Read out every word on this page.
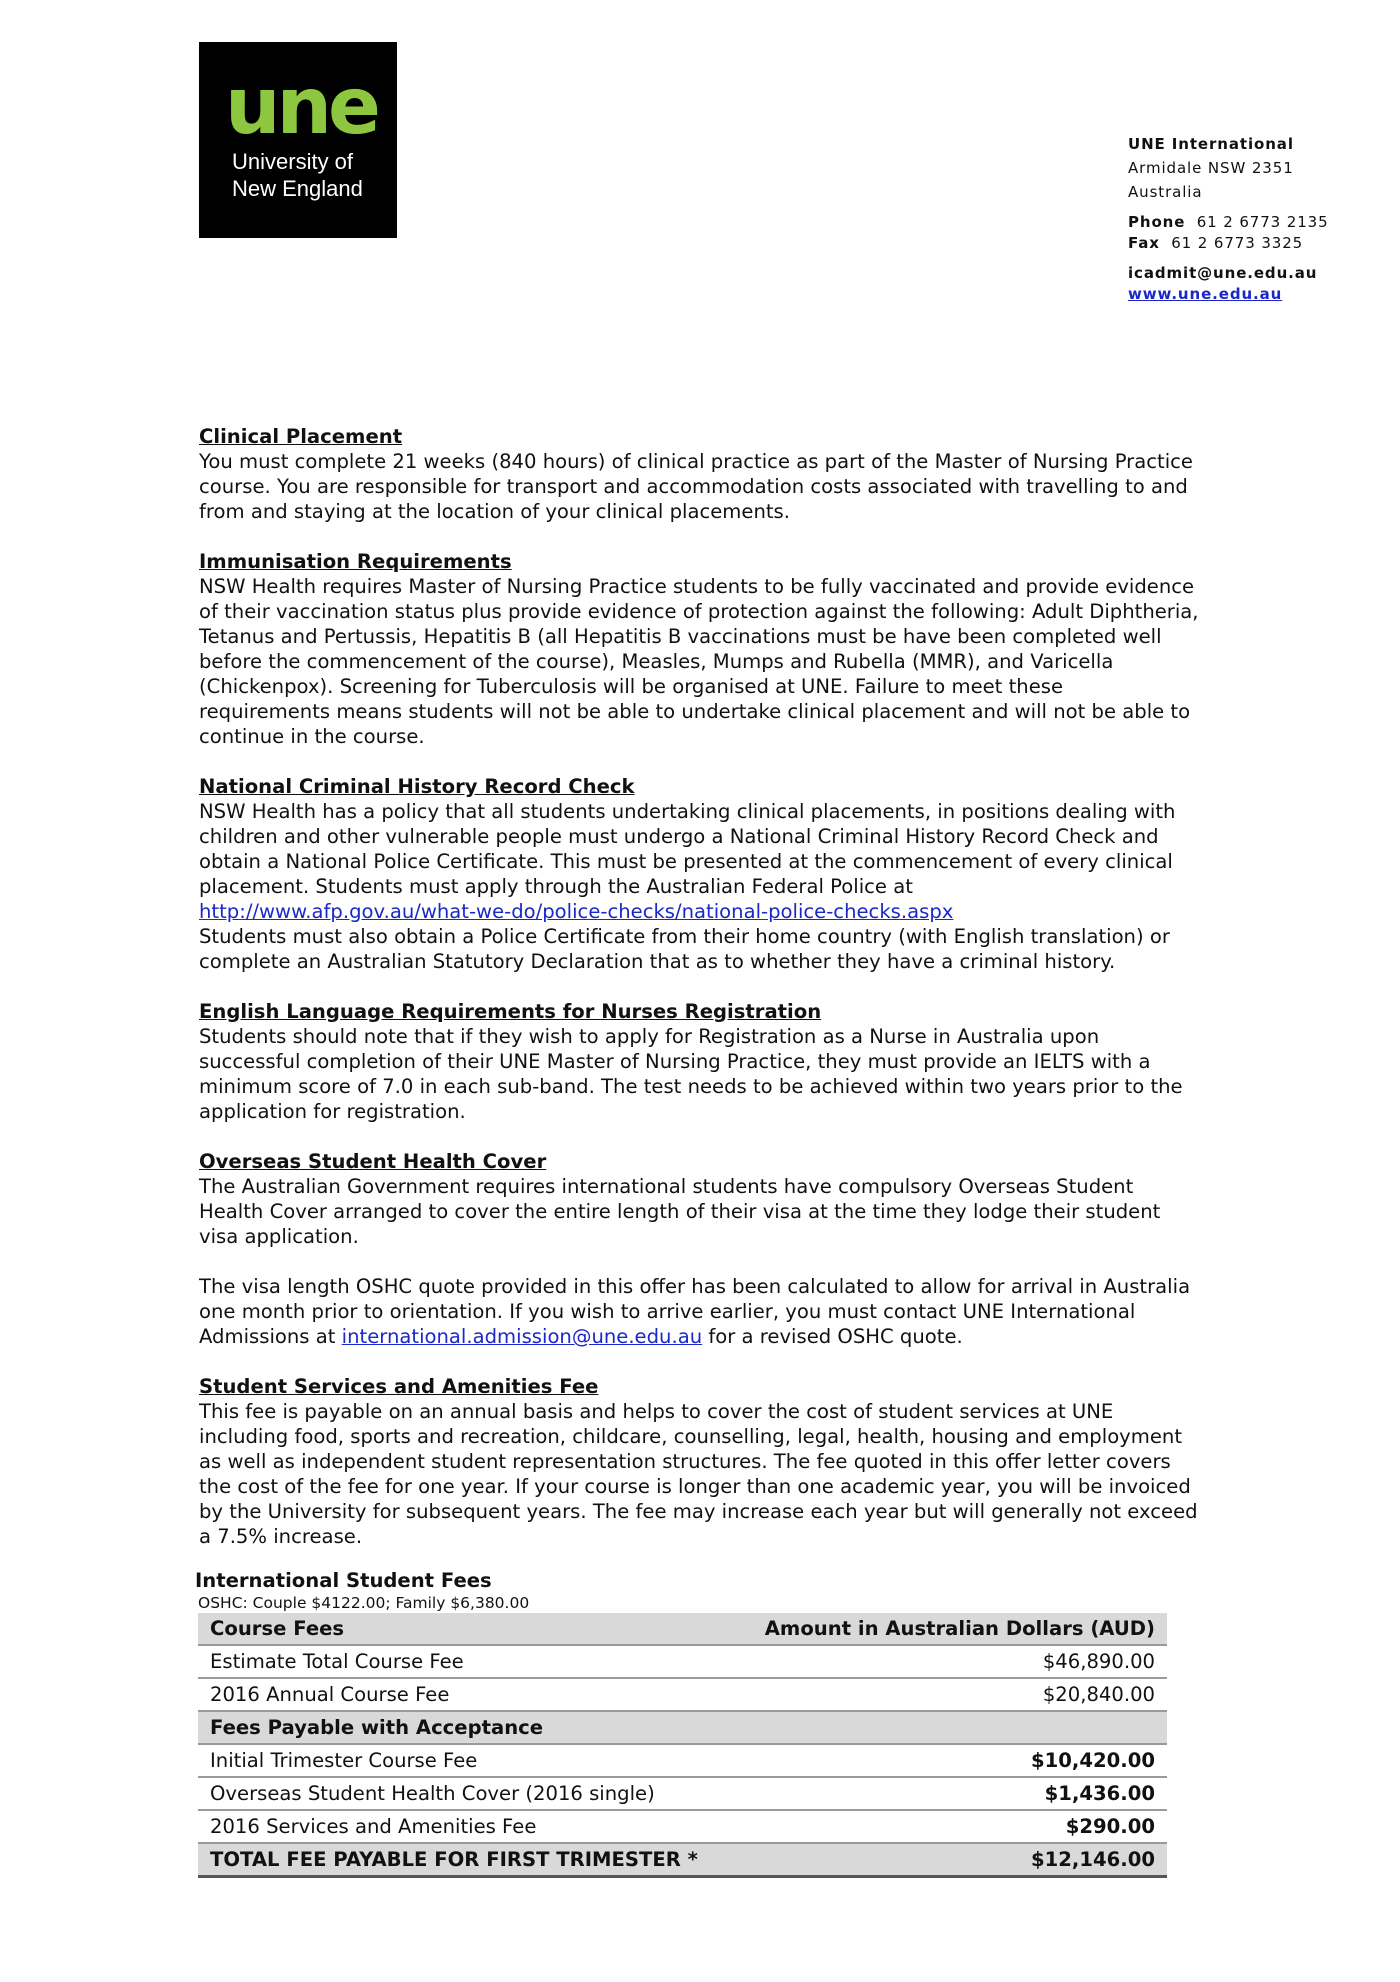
une
University of
New England
UNE International
Armidale NSW 2351
Australia
Phone 61 2 6773 2135
Fax 61 2 6773 3325
icadmit@une.edu.au
www.une.edu.au
Clinical Placement

You must complete 21 weeks (840 hours) of clinical practice as part of the Master of Nursing Practice course. You are responsible for transport and accommodation costs associated with travelling to and from and staying at the location of your clinical placements.

Immunisation Requirements

NSW Health requires Master of Nursing Practice students to be fully vaccinated and provide evidence of their vaccination status plus provide evidence of protection against the following: Adult Diphtheria, Tetanus and Pertussis, Hepatitis B (all Hepatitis B vaccinations must be have been completed well before the commencement of the course), Measles, Mumps and Rubella (MMR), and Varicella (Chickenpox). Screening for Tuberculosis will be organised at UNE. Failure to meet these requirements means students will not be able to undertake clinical placement and will not be able to continue in the course.

National Criminal History Record Check

NSW Health has a policy that all students undertaking clinical placements, in positions dealing with children and other vulnerable people must undergo a National Criminal History Record Check and obtain a National Police Certificate. This must be presented at the commencement of every clinical placement. Students must apply through the Australian Federal Police at
http://www.afp.gov.au/what-we-do/police-checks/national-police-checks.aspx
Students must also obtain a Police Certificate from their home country (with English translation) or complete an Australian Statutory Declaration that as to whether they have a criminal history.

English Language Requirements for Nurses Registration

Students should note that if they wish to apply for Registration as a Nurse in Australia upon successful completion of their UNE Master of Nursing Practice, they must provide an IELTS with a minimum score of 7.0 in each sub-band. The test needs to be achieved within two years prior to the application for registration.

Overseas Student Health Cover

The Australian Government requires international students have compulsory Overseas Student Health Cover arranged to cover the entire length of their visa at the time they lodge their student visa application.

The visa length OSHC quote provided in this offer has been calculated to allow for arrival in Australia one month prior to orientation. If you wish to arrive earlier, you must contact UNE International Admissions at international.admission@une.edu.au for a revised OSHC quote.

Student Services and Amenities Fee

This fee is payable on an annual basis and helps to cover the cost of student services at UNE including food, sports and recreation, childcare, counselling, legal, health, housing and employment as well as independent student representation structures. The fee quoted in this offer letter covers the cost of the fee for one year. If your course is longer than one academic year, you will be invoiced by the University for subsequent years. The fee may increase each year but will generally not exceed a 7.5% increase.

International Student Fees
OSHC: Couple $4122.00; Family $6,380.00
Course Fees	Amount in Australian Dollars (AUD)
Estimate Total Course Fee	$46,890.00
2016 Annual Course Fee	$20,840.00
Fees Payable with Acceptance	
Initial Trimester Course Fee	$10,420.00
Overseas Student Health Cover (2016 single)	$1,436.00
2016 Services and Amenities Fee	$290.00
TOTAL FEE PAYABLE FOR FIRST TRIMESTER *	$12,146.00
